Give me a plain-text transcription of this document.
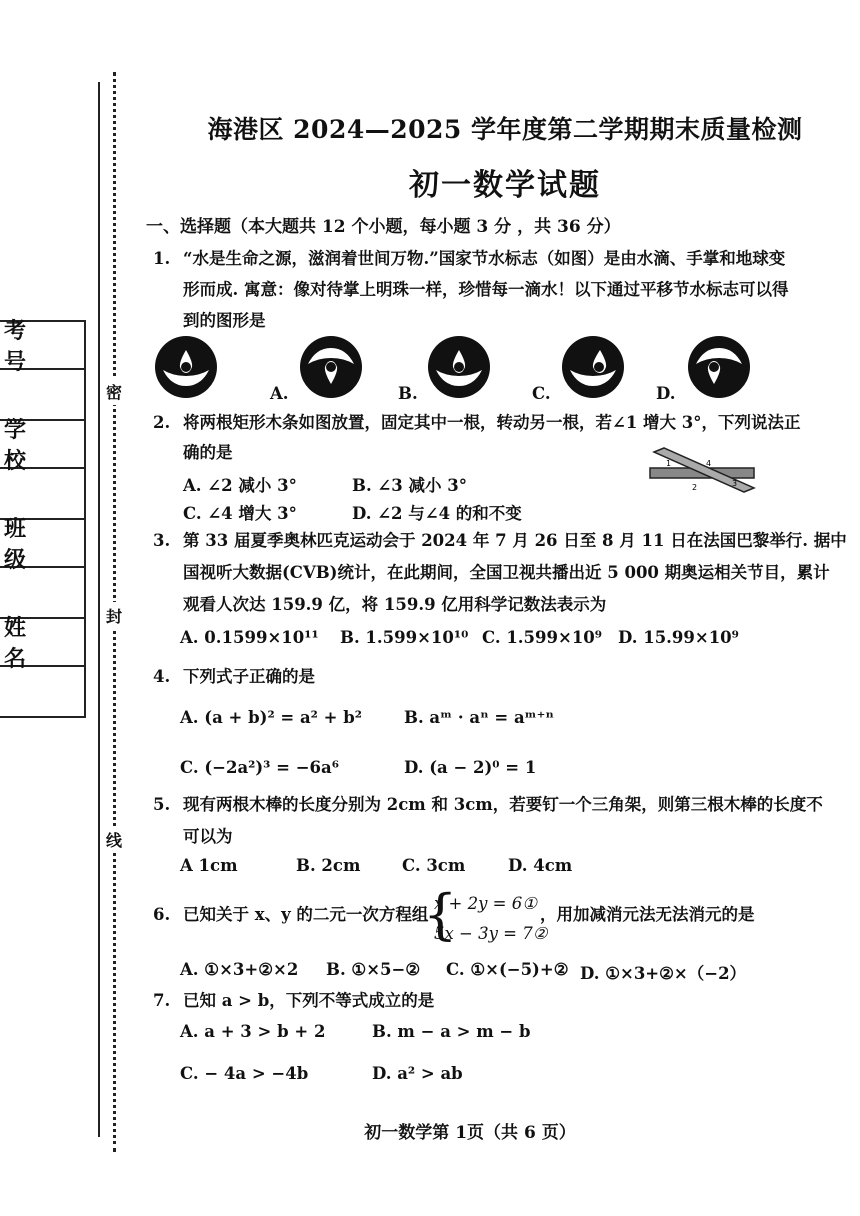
考 号
学 校
班 级
姓 名
密
封
线
海港区 2024—2025 学年度第二学期期末质量检测
初一数学试题
一、选择题（本大题共 12 个小题，每小题 3 分 ，共 36 分）
1. “水是生命之源，滋润着世间万物.”国家节水标志（如图）是由水滴、手掌和地球变
形而成. 寓意：像对待掌上明珠一样，珍惜每一滴水！以下通过平移节水标志可以得
到的图形是
A.	B.	C.	D.
2. 将两根矩形木条如图放置，固定其中一根，转动另一根，若∠1 增大 3°，下列说法正
确的是
A. ∠2 减小 3°	B. ∠3 减小 3°
C. ∠4 增大 3°	D. ∠2 与∠4 的和不变
1	4
2	3
3. 第 33 届夏季奥林匹克运动会于 2024 年 7 月 26 日至 8 月 11 日在法国巴黎举行. 据中
国视听大数据(CVB)统计，在此期间，全国卫视共播出近 5 000 期奥运相关节目，累计
观看人次达 159.9 亿，将 159.9 亿用科学记数法表示为
A. 0.1599×10¹¹ B. 1.599×10¹⁰ C. 1.599×10⁹ D. 15.99×10⁹
4. 下列式子正确的是
A. (a + b)² = a² + b²	B. aᵐ · aⁿ = aᵐ⁺ⁿ
C. (−2a²)³ = −6a⁶	D. (a − 2)⁰ = 1
5. 现有两根木棒的长度分别为 2cm 和 3cm，若要钉一个三角架，则第三根木棒的长度不
可以为
A 1cm	B. 2cm	C. 3cm	D. 4cm
6. 已知关于 x、y 的二元一次方程组
{
x + 2y = 6①
5x − 3y = 7②
，用加减消元法无法消元的是
A. ①×3+②×2 B. ①×5−② C. ①×(−5)+② D. ①×3+②×（−2）
7. 已知 a > b，下列不等式成立的是
A. a + 3 > b + 2	B. m − a > m − b
C. − 4a > −4b	D. a² > ab
初一数学第 1页（共 6 页）
